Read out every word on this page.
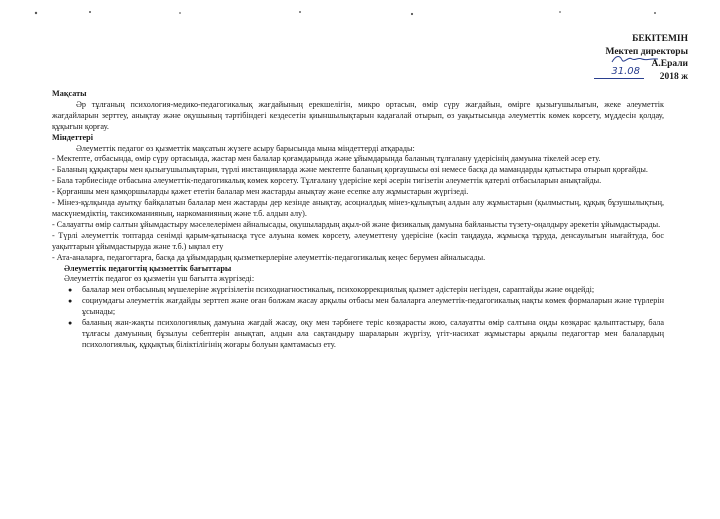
БЕКІТЕМІН
Мектеп директоры
А.Ерали
2018 ж
31.08

Мақсаты

Әр тұлғаның психология-медико-педагогикалық жағдайының ерекшелігін, микро ортасын, өмір сүру жағдайын, өмірге қызығушылығын, жеке әлеуметтік жағдайларын зерттеу, анықтау және оқушының тәртібіндегі кездесетін қиыншылықтарын кадағалай отырып, өз уақытысында әлеуметтік көмек көрсету, мүддесін қолдау, құқығын қорғау.

Міндеттері

Әлеуметтік педагог өз қызметтік мақсатын жүзеге асыру барысында мына міндеттерді атқарады:

- Мектепте, отбасында, өмір сүру ортасында, жастар мен балалар қоғамдарында және ұйымдарында баланың тұлғалану үдерісінің дамуына тікелей әсер ету.

- Баланың құқықтары мен қызығушылықтарын, түрлі инстанцияларда және мектепте баланың қорғаушысы өзі немесе басқа да мамандарды қатыстыра отырып қорғайды.

- Бала тәрбиесінде отбасына әлеуметтік-педагогикалық көмек көрсету. Тұлғалану үдерісіне кері әсерін тигізетін әлеуметтік қатерлі отбасыларын анықтайды.

- Қорғаншы мен қамқоршыларды қажет ететін балалар мен жастарды анықтау және есепке алу жұмыстарын жүргізеді.

- Мінез-құлқында ауытқу байқалатын балалар мен жастарды дер кезінде анықтау, асоциалдық мінез-құлықтың алдын алу жұмыстарын (қылмыстың, құқық бұзушылықтың, маскүнемдіктің, таксикоманияның, наркоманияның және т.б. алдын алу).

- Салауатты өмір салтын ұйымдастыру мәселелерімен айналысады, оқушылардың ақыл-ой және физикалық дамуына байланысты түзету-оңалдыру әрекетін ұйымдастырады.

- Түрлі әлеуметтік топтарда сенімді қарым-қатынасқа түсе алуына көмек көрсету, әлеуметтену үдерісіне (кәсіп таңдауда, жұмысқа тұруда, денсаулығын нығайтуда, бос уақыттарын ұйымдастыруда және т.б.) ықпал ету

- Ата-аналарға, педагогтарға, басқа да ұйымдардың қызметкерлеріне әлеуметтік-педагогикалық кеңес берумен айналысады.

Әлеуметтік педагогтің қызметтік бағыттары

Әлеуметтік педагог өз қызметін үш бағытта жүргізеді:

● балалар мен отбасының мүшелеріне жүргізілетін психодиагностикалық, психокоррекциялық қызмет әдістерін негізден, сараптайды және өңдейді;
● социумдағы әлеуметтік жағдайды зерттеп және оған болжам жасау арқылы отбасы мен балаларға әлеуметтік-педагогикалық нақты көмек формаларын және түрлерін ұсынады;
● баланың жан-жақты психологиялық дамуына жағдай жасау, оқу мен тәрбиеге теріс көзқарасты жою, салауатты өмір салтына оңды көзқарас қалыптастыру, бала тұлғасы дамуының бұзылуы себептерін анықтап, алдын ала сақтандыру шараларын жүргізу, үгіт-насихат жұмыстары арқылы педагогтар мен балалардың психологиялық, құқықтық біліктілігінің жоғары болуын қамтамасыз ету.
